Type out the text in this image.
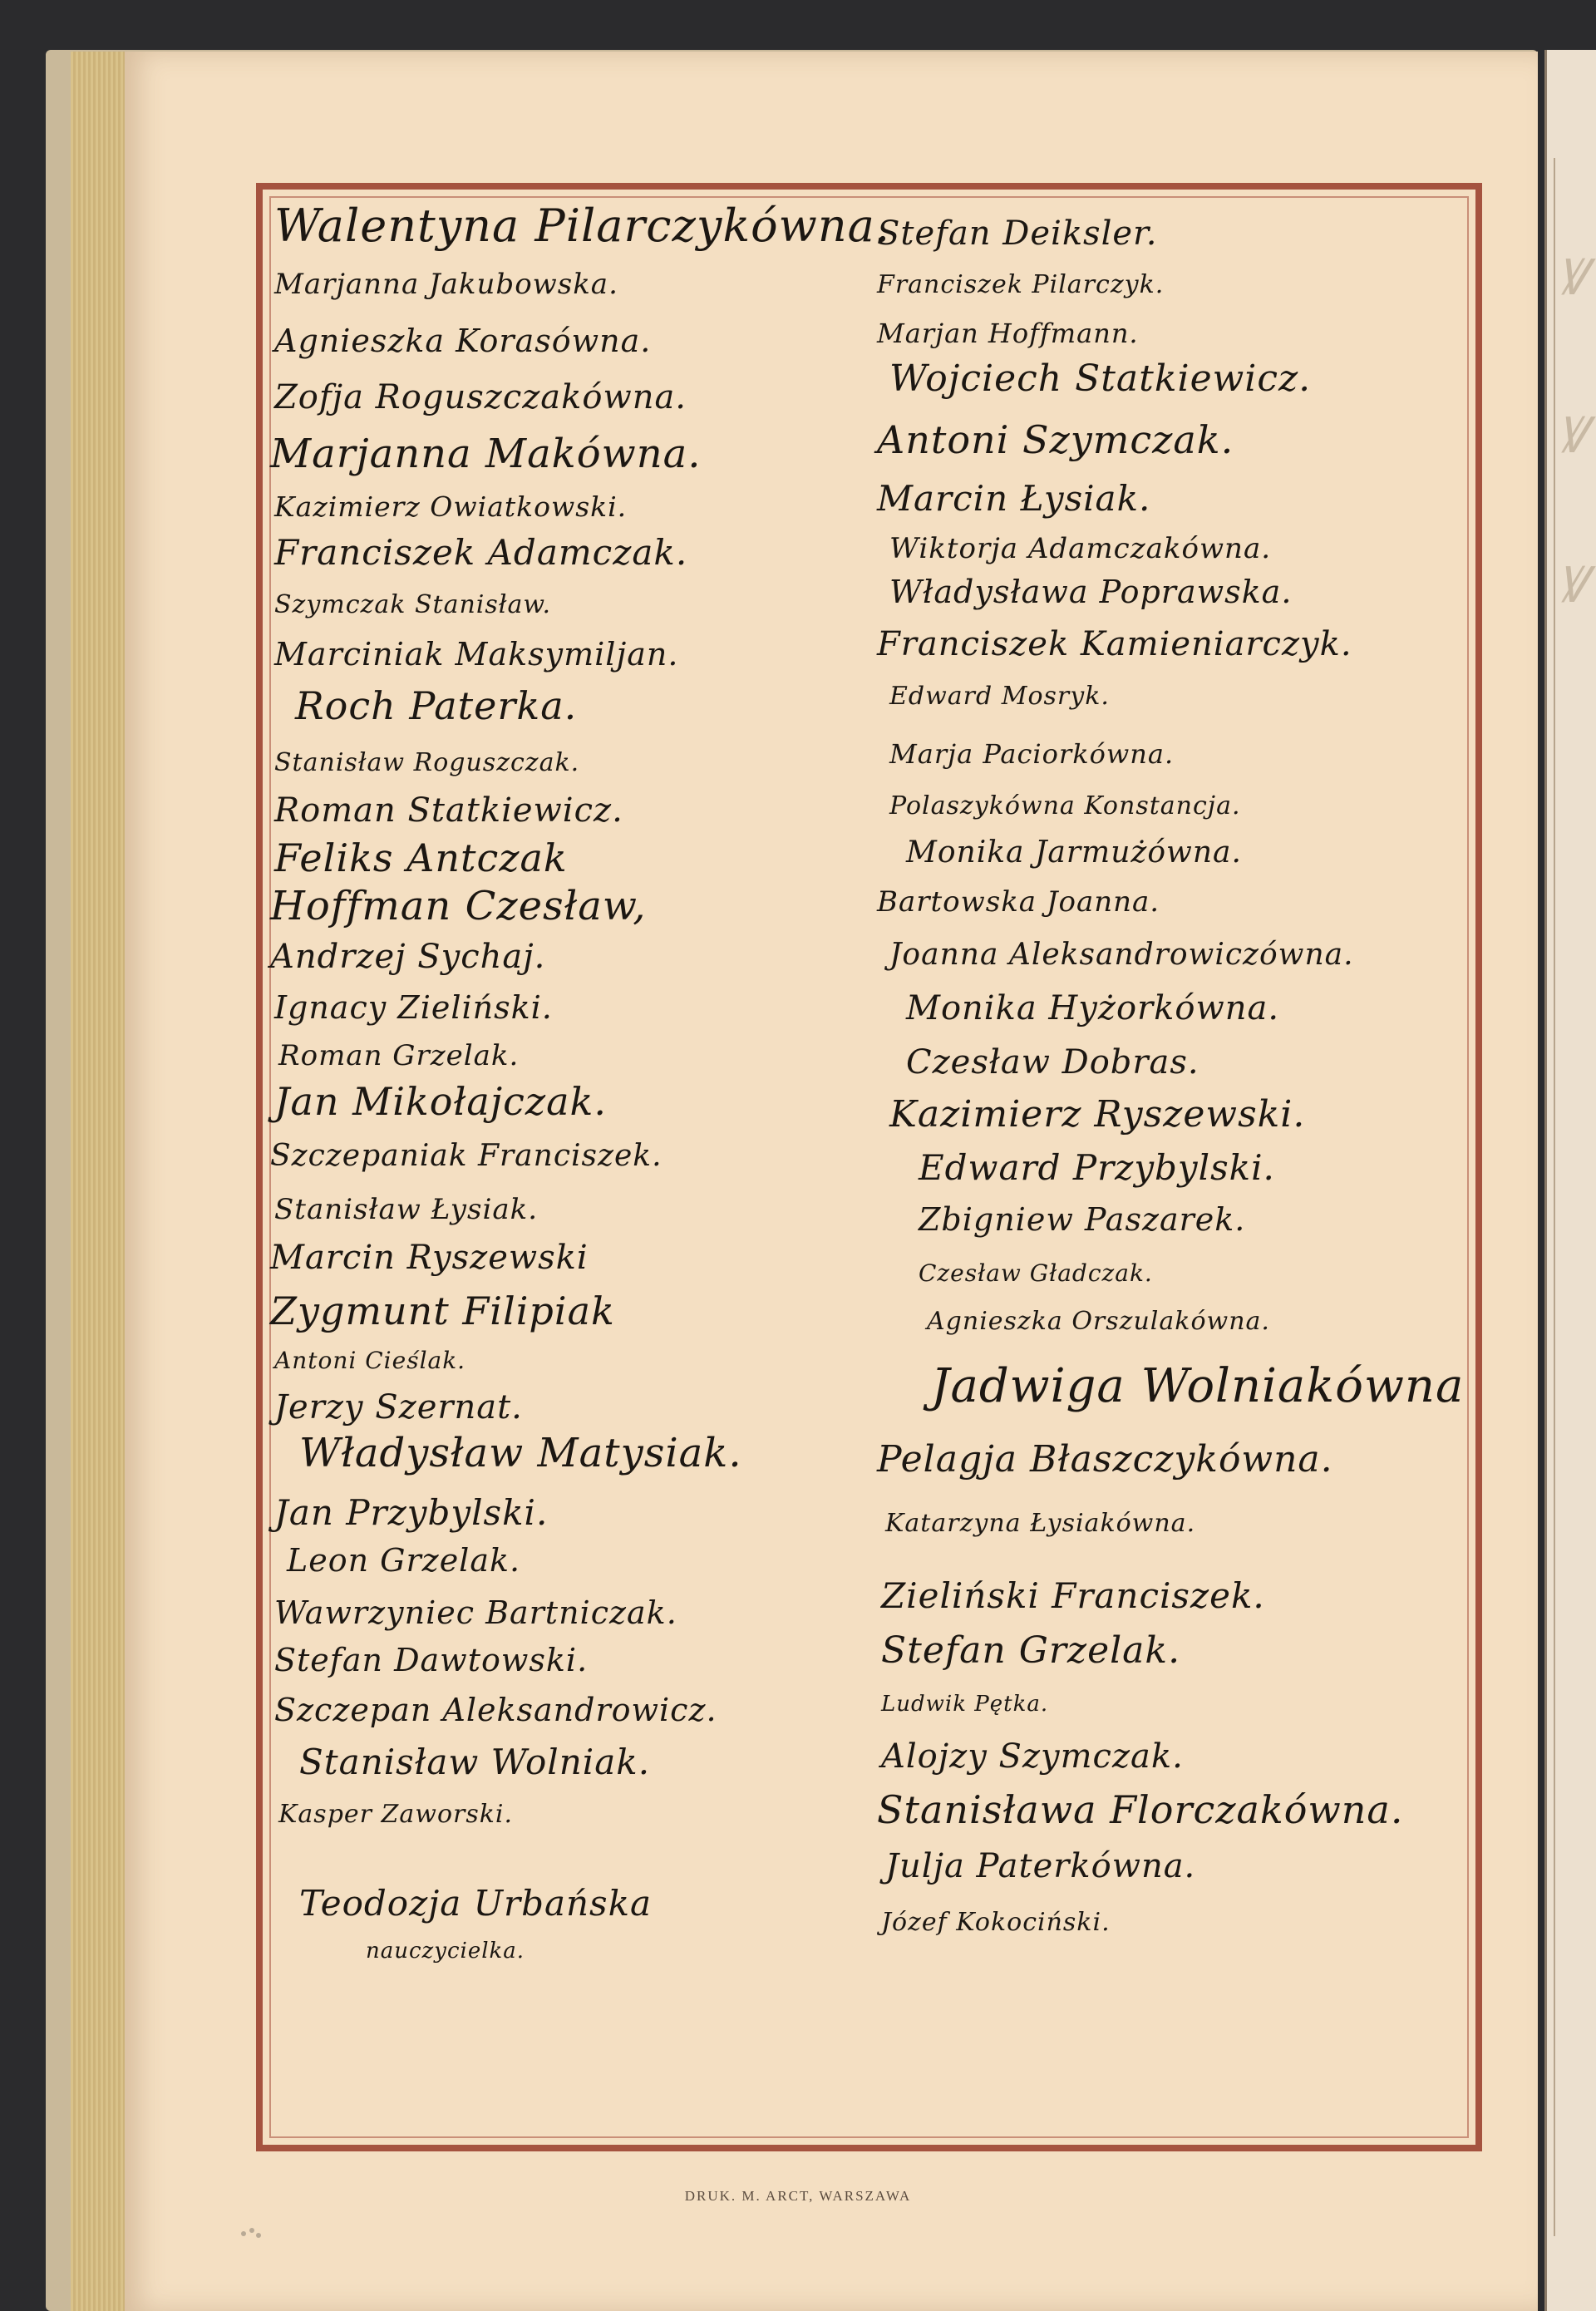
Ꝟ
Ꝟ
Ꝟ
Walentyna Pilarczykówna.
Marjanna Jakubowska.
Agnieszka Korasówna.
Zofja Roguszczakówna.
Marjanna Makówna.
Kazimierz Owiatkowski.
Franciszek Adamczak.
Szymczak Stanisław.
Marciniak Maksymiljan.
Roch Paterka.
Stanisław Roguszczak.
Roman Statkiewicz.
Feliks Antczak
Hoffman Czesław,
Andrzej Sychaj.
Ignacy Zieliński.
Roman Grzelak.
Jan Mikołajczak.
Szczepaniak Franciszek.
Stanisław Łysiak.
Marcin Ryszewski
Zygmunt Filipiak
Antoni Cieślak.
Jerzy Szernat.
Władysław Matysiak.
Jan Przybylski.
Leon Grzelak.
Wawrzyniec Bartniczak.
Stefan Dawtowski.
Szczepan Aleksandrowicz.
Stanisław Wolniak.
Kasper Zaworski.
Teodozja Urbańska
nauczycielka.
Stefan Deiksler.
Franciszek Pilarczyk.
Marjan Hoffmann.
Wojciech Statkiewicz.
Antoni Szymczak.
Marcin Łysiak.
Wiktorja Adamczakówna.
Władysława Poprawska.
Franciszek Kamieniarczyk.
Edward Mosryk.
Marja Paciorkówna.
Polaszykówna Konstancja.
Monika Jarmużówna.
Bartowska Joanna.
Joanna Aleksandrowiczówna.
Monika Hyżorkówna.
Czesław Dobras.
Kazimierz Ryszewski.
Edward Przybylski.
Zbigniew Paszarek.
Czesław Gładczak.
Agnieszka Orszulakówna.
Jadwiga Wolniakówna
Pelagja Błaszczykówna.
Katarzyna Łysiakówna.
Zieliński Franciszek.
Stefan Grzelak.
Ludwik Pętka.
Alojzy Szymczak.
Stanisława Florczakówna.
Julja Paterkówna.
Józef Kokociński.
DRUK. M. ARCT, WARSZAWA
